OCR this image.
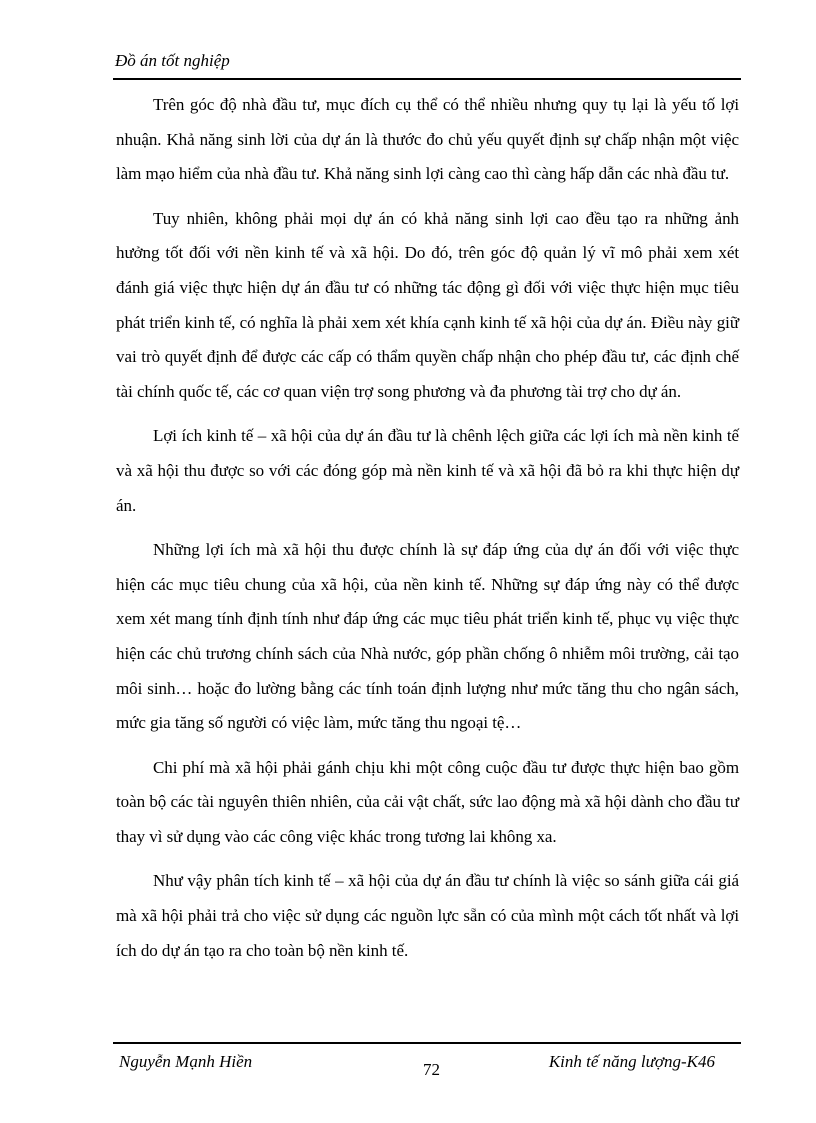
Đồ án tốt nghiệp

Trên góc độ nhà đầu tư, mục đích cụ thể có thể nhiều nhưng quy tụ lại là yếu tố lợi nhuận. Khả năng sinh lời của dự án là thước đo chủ yếu quyết định sự chấp nhận một việc làm mạo hiểm của nhà đầu tư. Khả năng sinh lợi càng cao thì càng hấp dẫn các nhà đầu tư.

Tuy nhiên, không phải mọi dự án có khả năng sinh lợi cao đều tạo ra những ảnh hưởng tốt đối với nền kinh tế và xã hội. Do đó, trên góc độ quản lý vĩ mô phải xem xét đánh giá việc thực hiện dự án đầu tư có những tác động gì đối với việc thực hiện mục tiêu phát triển kinh tế, có nghĩa là phải xem xét khía cạnh kinh tế xã hội của dự án. Điều này giữ vai trò quyết định để được các cấp có thẩm quyền chấp nhận cho phép đầu tư, các định chế tài chính quốc tế, các cơ quan viện trợ song phương và đa phương tài trợ cho dự án.

Lợi ích kinh tế – xã hội của dự án đầu tư là chênh lệch giữa các lợi ích mà nền kinh tế và xã hội thu được so với các đóng góp mà nền kinh tế và xã hội đã bỏ ra khi thực hiện dự án.

Những lợi ích mà xã hội thu được chính là sự đáp ứng của dự án đối với việc thực hiện các mục tiêu chung của xã hội, của nền kinh tế. Những sự đáp ứng này có thể được xem xét mang tính định tính như đáp ứng các mục tiêu phát triển kinh tế, phục vụ việc thực hiện các chủ trương chính sách của Nhà nước, góp phần chống ô nhiễm môi trường, cải tạo môi sinh… hoặc đo lường bằng các tính toán định lượng như mức tăng thu cho ngân sách, mức gia tăng số người có việc làm, mức tăng thu ngoại tệ…

Chi phí mà xã hội phải gánh chịu khi một công cuộc đầu tư được thực hiện bao gồm toàn bộ các tài nguyên thiên nhiên, của cải vật chất, sức lao động mà xã hội dành cho đầu tư thay vì sử dụng vào các công việc khác trong tương lai không xa.

Như vậy phân tích kinh tế – xã hội của dự án đầu tư chính là việc so sánh giữa cái giá mà xã hội phải trả cho việc sử dụng các nguồn lực sẵn có của mình một cách tốt nhất và lợi ích do dự án tạo ra cho toàn bộ nền kinh tế.

Nguyễn Mạnh Hiền	72	Kinh tế năng lượng-K46
